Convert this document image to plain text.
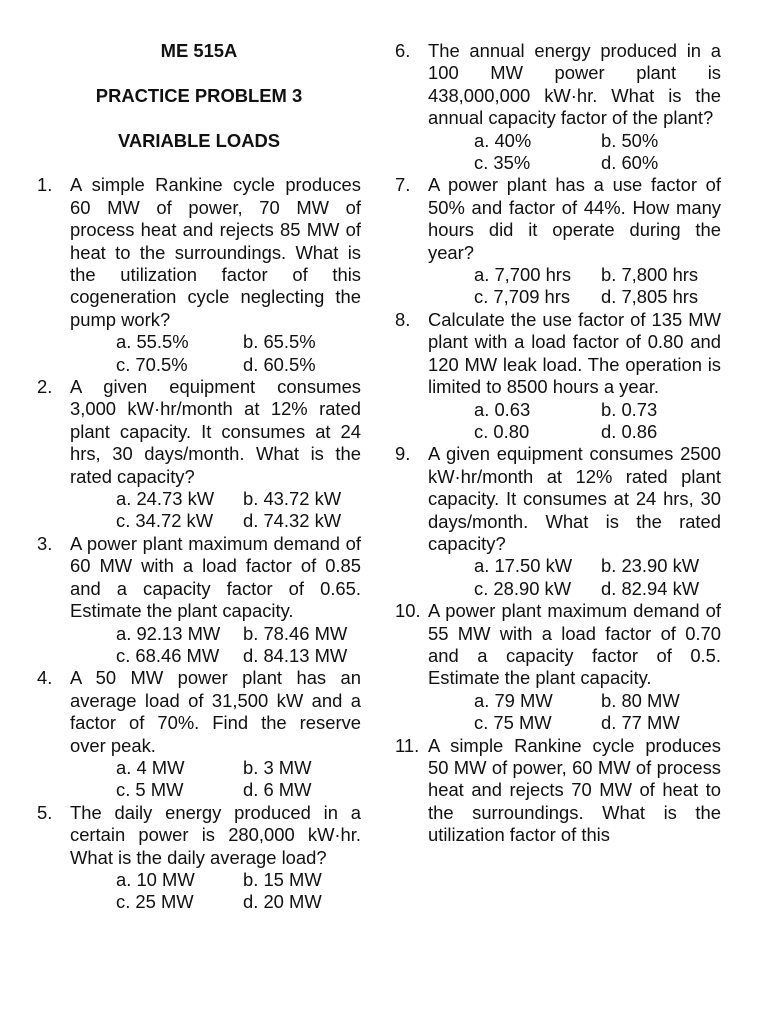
ME 515A
PRACTICE PROBLEM 3
VARIABLE LOADS
1. A simple Rankine cycle produces 60 MW of power, 70 MW of process heat and rejects 85 MW of heat to the surroundings. What is the utilization factor of this cogeneration cycle neglecting the pump work?
a. 55.5%	b. 65.5%
c. 70.5%	d. 60.5%
2. A given equipment consumes 3,000 kW·hr/month at 12% rated plant capacity. It consumes at 24 hrs, 30 days/month. What is the rated capacity?
a. 24.73 kW	b. 43.72 kW
c. 34.72 kW	d. 74.32 kW
3. A power plant maximum demand of 60 MW with a load factor of 0.85 and a capacity factor of 0.65. Estimate the plant capacity.
a. 92.13 MW	b. 78.46 MW
c. 68.46 MW	d. 84.13 MW
4. A 50 MW power plant has an average load of 31,500 kW and a factor of 70%. Find the reserve over peak.
a. 4 MW	b. 3 MW
c. 5 MW	d. 6 MW
5. The daily energy produced in a certain power is 280,000 kW·hr. What is the daily average load?
a. 10 MW	b. 15 MW
c. 25 MW	d. 20 MW
6. The annual energy produced in a 100 MW power plant is 438,000,000 kW·hr. What is the annual capacity factor of the plant?
a. 40%	b. 50%
c. 35%	d. 60%
7. A power plant has a use factor of 50% and factor of 44%. How many hours did it operate during the year?
a. 7,700 hrs	b. 7,800 hrs
c. 7,709 hrs	d. 7,805 hrs
8. Calculate the use factor of 135 MW plant with a load factor of 0.80 and 120 MW leak load. The operation is limited to 8500 hours a year.
a. 0.63	b. 0.73
c. 0.80	d. 0.86
9. A given equipment consumes 2500 kW·hr/month at 12% rated plant capacity. It consumes at 24 hrs, 30 days/month. What is the rated capacity?
a. 17.50 kW	b. 23.90 kW
c. 28.90 kW	d. 82.94 kW
10. A power plant maximum demand of 55 MW with a load factor of 0.70 and a capacity factor of 0.5. Estimate the plant capacity.
a. 79 MW	b. 80 MW
c. 75 MW	d. 77 MW
11. A simple Rankine cycle produces 50 MW of power, 60 MW of process heat and rejects 70 MW of heat to the surroundings. What is the utilization factor of this
